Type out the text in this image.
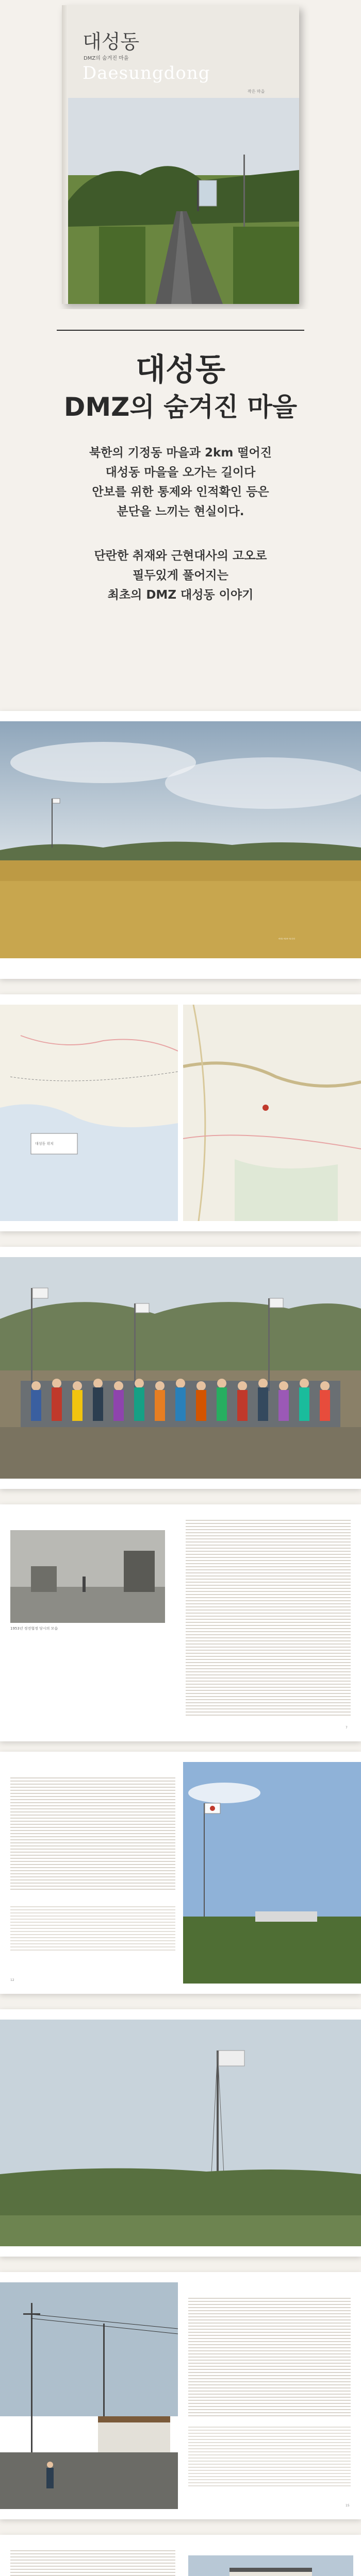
대성동
DMZ의 숨겨진 마을
Daesungdong
작은 마을
대성동
DMZ의 숨겨진 마을
북한의 기정동 마을과 2km 떨어진
대성동 마을을 오가는 길이다
안보를 위한 통제와 인적확인 등은
분단을 느끼는 현실이다.
단란한 취재와 근현대사의 고오로
필두있게 풀어지는
최초의 DMZ 대성동 이야기
대성동 마을의 가을 들녘
대성동 위치
1953년 정전협정 당시의 모습
7
12
15
